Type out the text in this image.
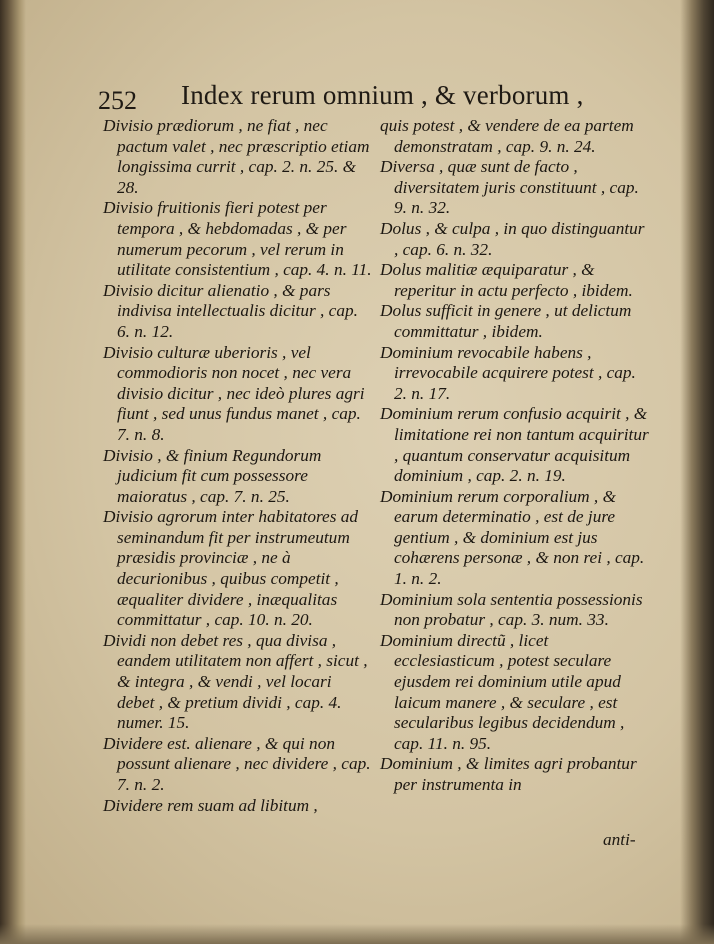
252 Index rerum omnium , & verborum ,

Divisio prædiorum , ne fiat , nec pactum valet , nec præscriptio etiam longissima currit , cap. 2. n. 25. & 28.

Divisio fruitionis fieri potest per tempora , & hebdomadas , & per numerum pecorum , vel rerum in utilitate consistentium , cap. 4. n. 11.

Divisio dicitur alienatio , & pars indivisa intellectualis dicitur , cap. 6. n. 12.

Divisio culturæ uberioris , vel commodioris non nocet , nec vera divisio dicitur , nec ideò plures agri fiunt , sed unus fundus manet , cap. 7. n. 8.

Divisio , & finium Regundorum judicium fit cum possessore maioratus , cap. 7. n. 25.

Divisio agrorum inter habitatores ad seminandum fit per instrumeutum præsidis provinciæ , ne à decurionibus , quibus competit , æqualiter dividere , inæqualitas committatur , cap. 10. n. 20.

Dividi non debet res , qua divisa , eandem utilitatem non affert , sicut , & integra , & vendi , vel locari debet , & pretium dividi , cap. 4. numer. 15.

Dividere est. alienare , & qui non possunt alienare , nec dividere , cap. 7. n. 2.

Dividere rem suam ad libitum ,

quis potest , & vendere de ea partem demonstratam , cap. 9. n. 24.

Diversa , quæ sunt de facto , diversitatem juris constituunt , cap. 9. n. 32.

Dolus , & culpa , in quo distinguantur , cap. 6. n. 32.

Dolus malitiæ æquiparatur , & reperitur in actu perfecto , ibidem.

Dolus sufficit in genere , ut delictum committatur , ibidem.

Dominium revocabile habens , irrevocabile acquirere potest , cap. 2. n. 17.

Dominium rerum confusio acquirit , & limitatione rei non tantum acquiritur , quantum conservatur acquisitum dominium , cap. 2. n. 19.

Dominium rerum corporalium , & earum determinatio , est de jure gentium , & dominium est jus cohærens personæ , & non rei , cap. 1. n. 2.

Dominium sola sententia possessionis non probatur , cap. 3. num. 33.

Dominium directũ , licet ecclesiasticum , potest seculare ejusdem rei dominium utile apud laicum manere , & seculare , est secularibus legibus decidendum , cap. 11. n. 95.

Dominium , & limites agri probantur per instrumenta in

anti-
